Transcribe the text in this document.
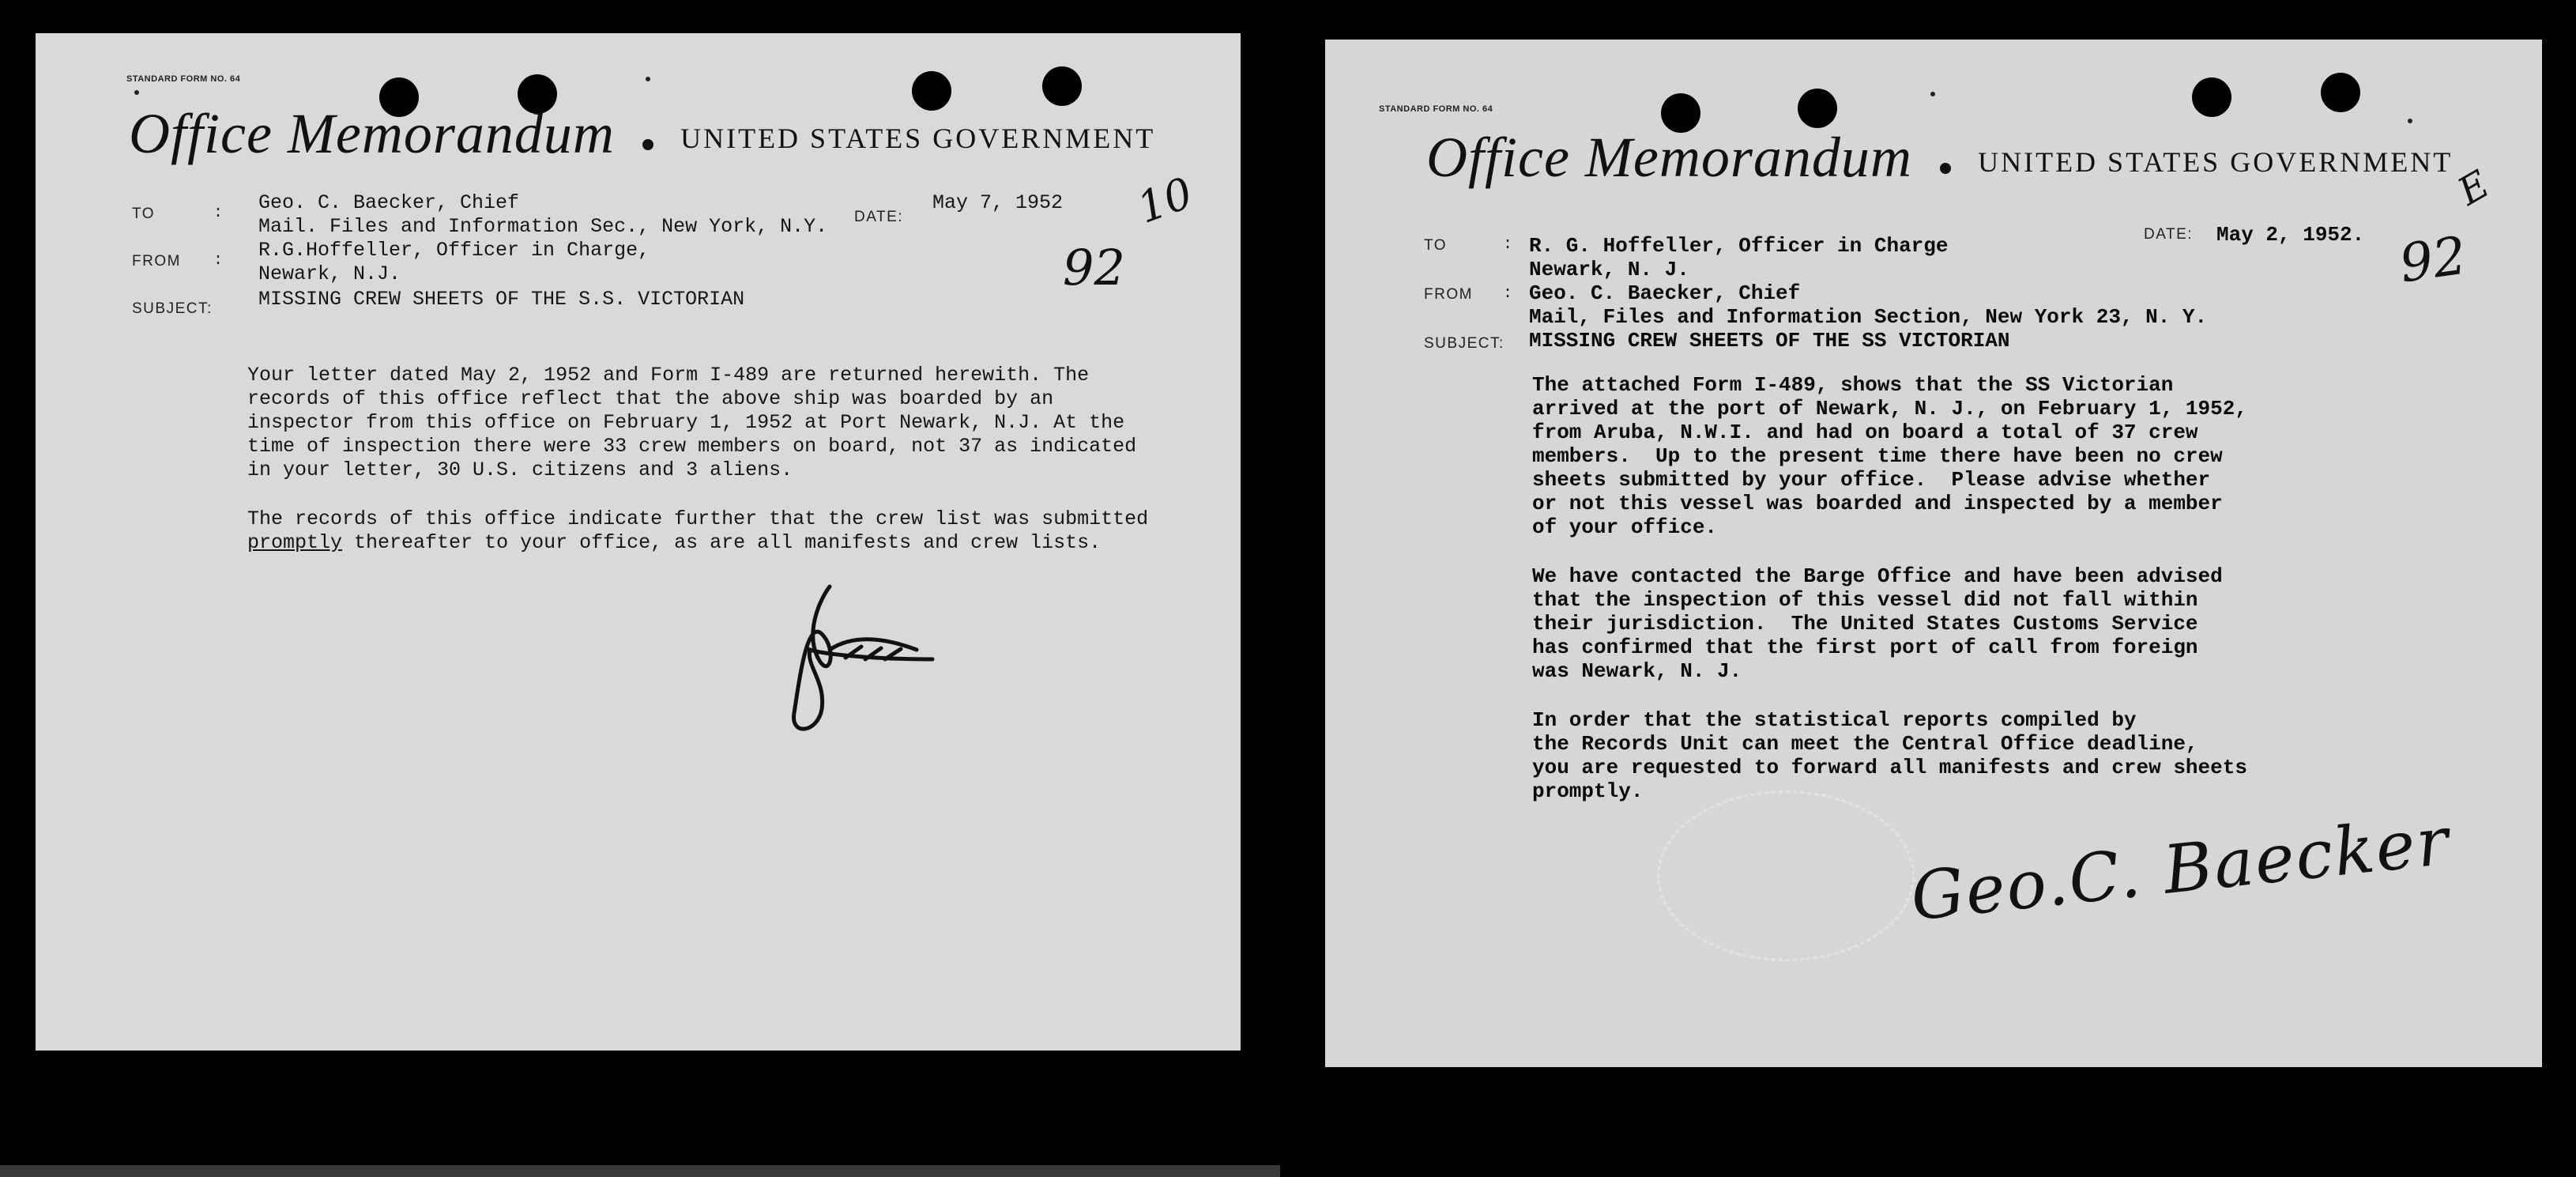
STANDARD FORM NO. 64
Office Memorandum UNITED STATES GOVERNMENT
TO	:
FROM :
SUBJECT:
Geo. C. Baecker, Chief
Mail. Files and Information Sec., New York, N.Y. DATE:
May 7, 1952
R.G.Hoffeller, Officer in Charge,
Newark, N.J.
MISSING CREW SHEETS OF THE S.S. VICTORIAN
92
10
Your letter dated May 2, 1952 and Form I-489 are returned herewith. The
records of this office reflect that the above ship was boarded by an
inspector from this office on February 1, 1952 at Port Newark, N.J. At the
time of inspection there were 33 crew members on board, not 37 as indicated
in your letter, 30 U.S. citizens and 3 aliens.
The records of this office indicate further that the crew list was submitted
promptly thereafter to your office, as are all manifests and crew lists.
STANDARD FORM NO. 64
Office Memorandum UNITED STATES GOVERNMENT
TO	:
FROM :
SUBJECT:
R. G. Hoffeller, Officer in Charge
Newark, N. J.
DATE: May 2, 1952.
Geo. C. Baecker, Chief
Mail, Files and Information Section, New York 23, N. Y.
MISSING CREW SHEETS OF THE SS VICTORIAN
92
E
The attached Form I-489, shows that the SS Victorian
arrived at the port of Newark, N. J., on February 1, 1952,
from Aruba, N.W.I. and had on board a total of 37 crew
members.  Up to the present time there have been no crew
sheets submitted by your office.  Please advise whether
or not this vessel was boarded and inspected by a member
of your office.
We have contacted the Barge Office and have been advised
that the inspection of this vessel did not fall within
their jurisdiction.  The United States Customs Service
has confirmed that the first port of call from foreign
was Newark, N. J.
In order that the statistical reports compiled by
the Records Unit can meet the Central Office deadline,
you are requested to forward all manifests and crew sheets
promptly.
Geo.C. Baecker
